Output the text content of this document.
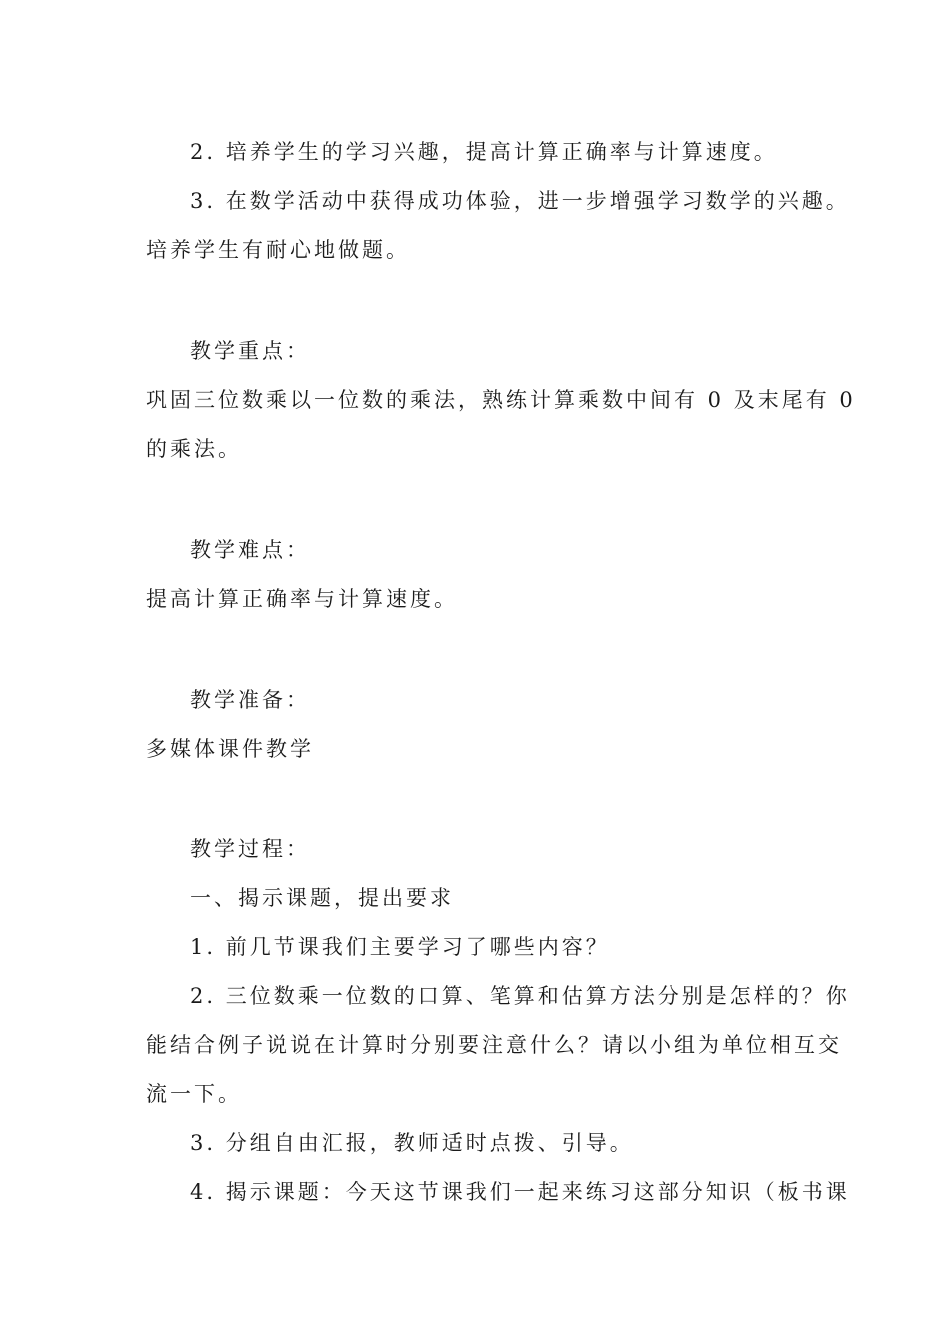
2. 培养学生的学习兴趣，提高计算正确率与计算速度。
3. 在数学活动中获得成功体验，进一步增强学习数学的兴趣。
培养学生有耐心地做题。
教学重点：
巩固三位数乘以一位数的乘法，熟练计算乘数中间有 0 及末尾有 0
的乘法。
教学难点：
提高计算正确率与计算速度。
教学准备：
多媒体课件教学
教学过程：
一、揭示课题，提出要求
1. 前几节课我们主要学习了哪些内容？
2. 三位数乘一位数的口算、笔算和估算方法分别是怎样的？你
能结合例子说说在计算时分别要注意什么？请以小组为单位相互交
流一下。
3. 分组自由汇报，教师适时点拨、引导。
4. 揭示课题：今天这节课我们一起来练习这部分知识（板书课
